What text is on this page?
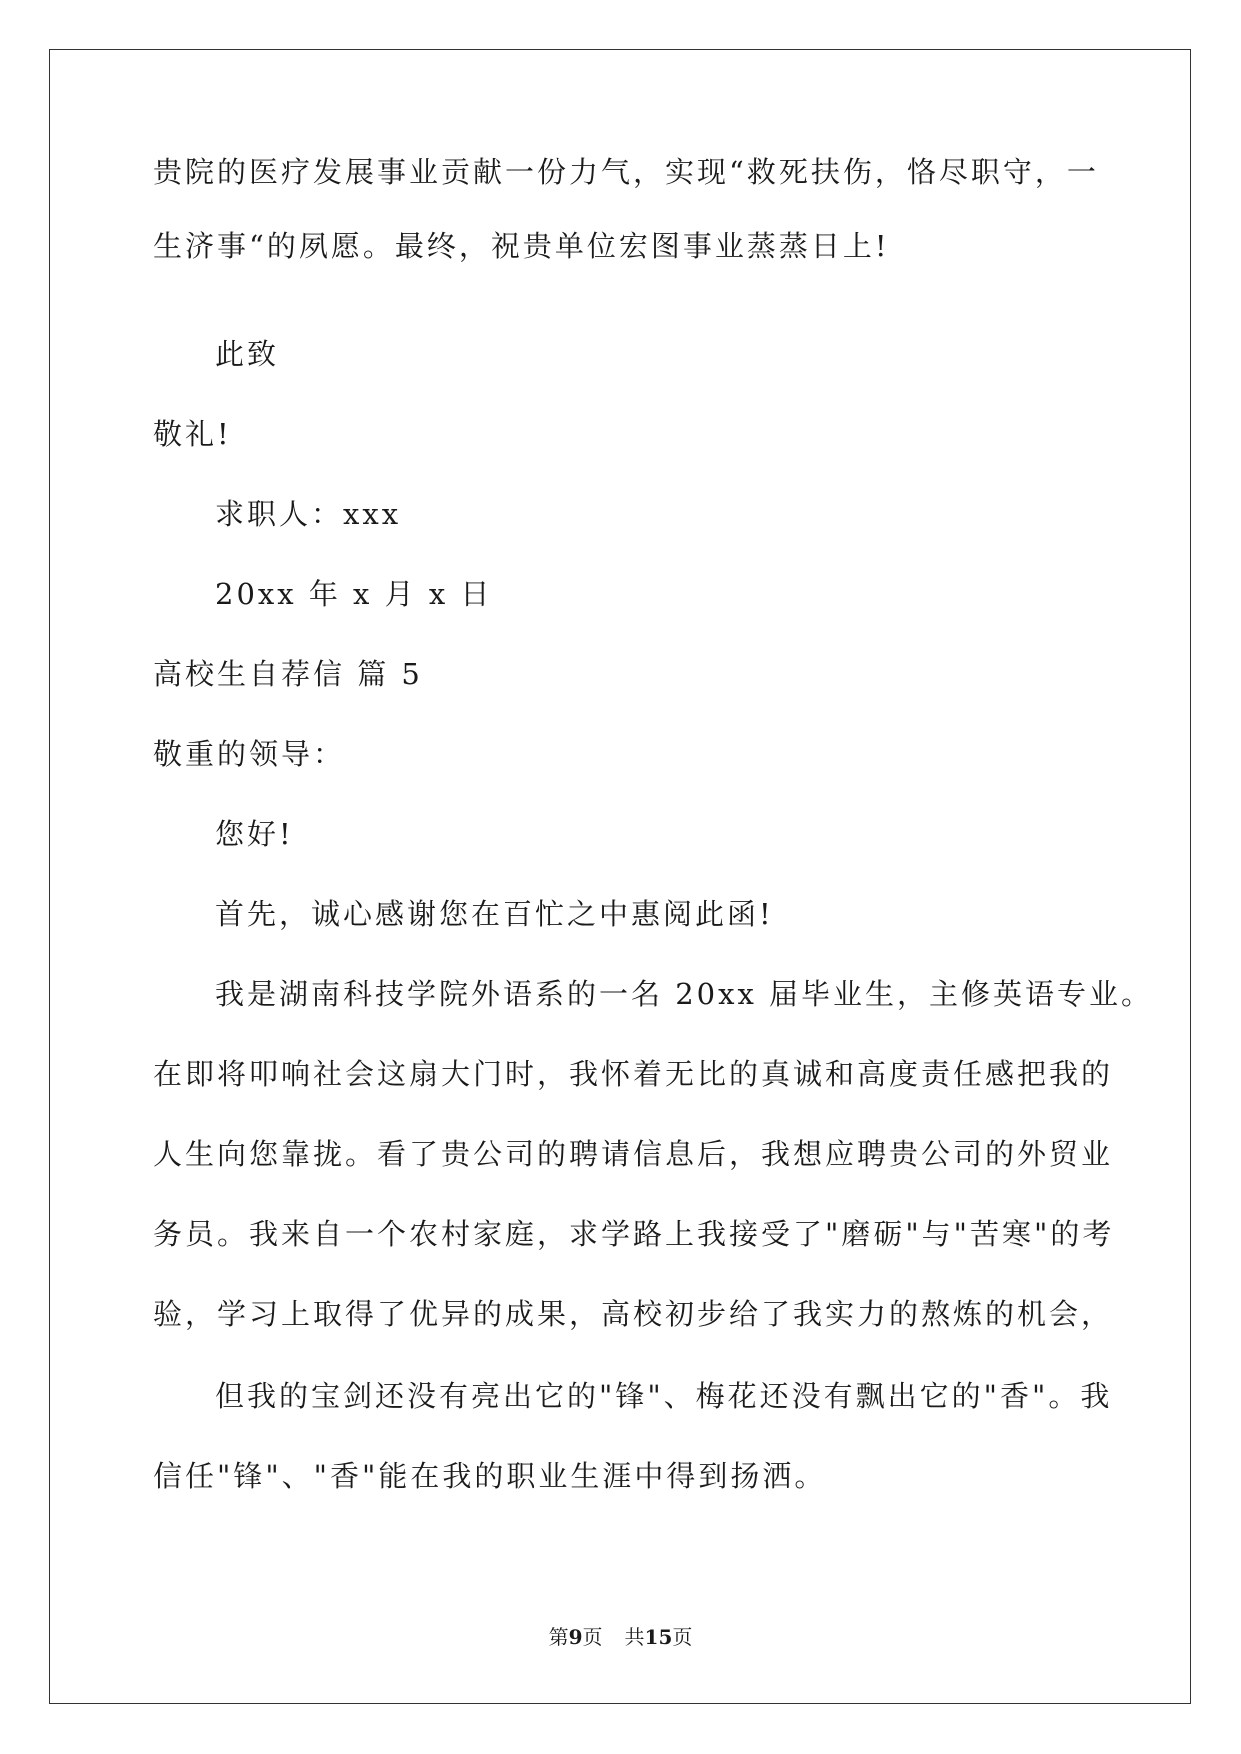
贵院的医疗发展事业贡献一份力气，实现“救死扶伤，恪尽职守，一
生济事“的夙愿。最终，祝贵单位宏图事业蒸蒸日上!
此致
敬礼!
求职人：xxx
20xx 年 x 月 x 日
高校生自荐信 篇 5
敬重的领导：
您好!
首先，诚心感谢您在百忙之中惠阅此函!
我是湖南科技学院外语系的一名 20xx 届毕业生，主修英语专业。
在即将叩响社会这扇大门时，我怀着无比的真诚和高度责任感把我的
人生向您靠拢。看了贵公司的聘请信息后，我想应聘贵公司的外贸业
务员。我来自一个农村家庭，求学路上我接受了"磨砺"与"苦寒"的考
验，学习上取得了优异的成果，高校初步给了我实力的熬炼的机会，
但我的宝剑还没有亮出它的"锋"、梅花还没有飘出它的"香"。我
信任"锋"、"香"能在我的职业生涯中得到扬洒。
第9页 共15页
